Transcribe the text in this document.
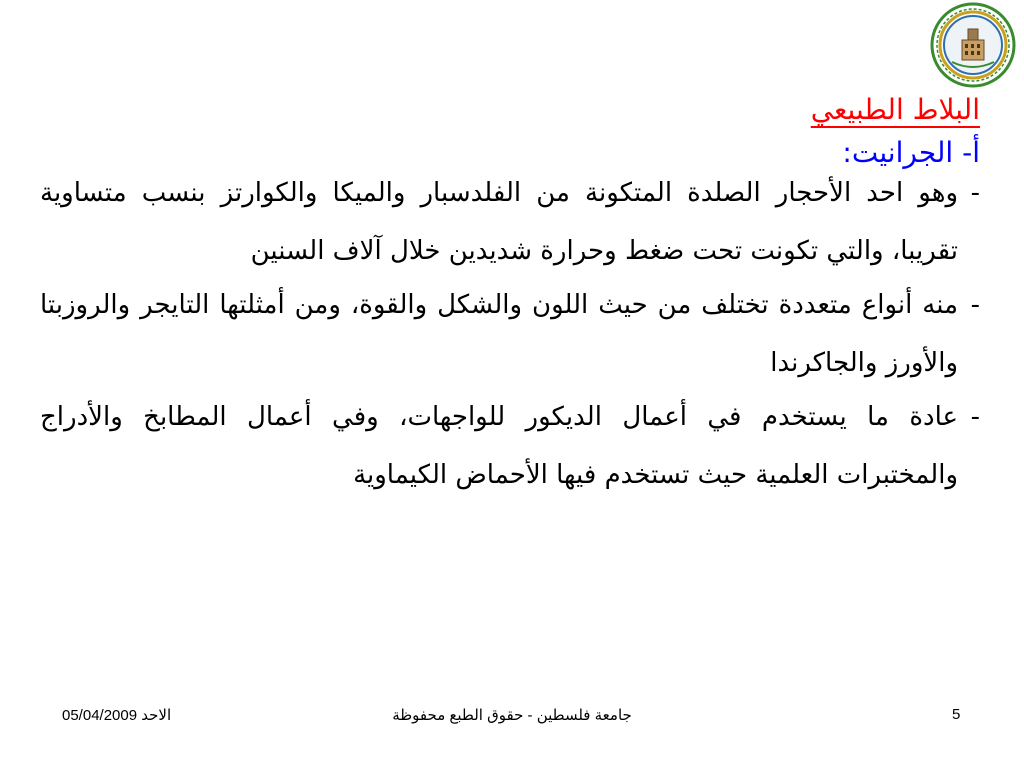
البلاط الطبيعي

أ- الجرانيت:

-
وهو احد الأحجار الصلدة المتكونة من الفلدسبار والميكا والكوارتز بنسب متساوية تقريبا، والتي تكونت تحت ضغط وحرارة شديدين خلال آلاف السنين

-
منه أنواع متعددة تختلف من حيث اللون والشكل والقوة، ومن أمثلتها التايجر والروزبتا والأورز والجاكرندا

-
عادة ما يستخدم في أعمال الديكور للواجهات، وفي أعمال المطابخ والأدراج والمختبرات العلمية حيث تستخدم فيها الأحماض الكيماوية

الاحد 05/04/2009	جامعة فلسطين - حقوق الطبع محفوظة	5
